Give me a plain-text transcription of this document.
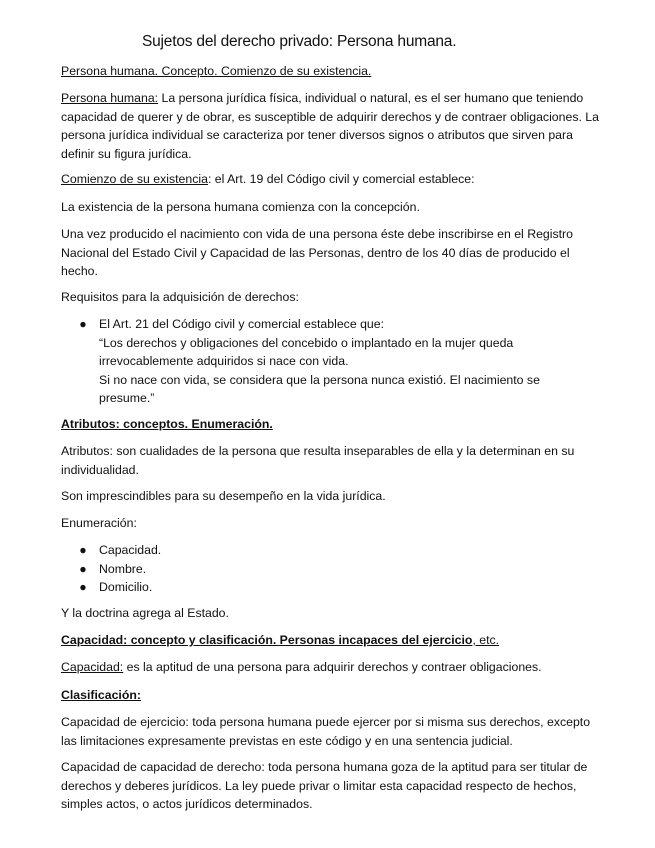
Sujetos del derecho privado: Persona humana.
Persona humana. Concepto. Comienzo de su existencia.
Persona humana: La persona jurídica física, individual o natural, es el ser humano que teniendo capacidad de querer y de obrar, es susceptible de adquirir derechos y de contraer obligaciones. La persona jurídica individual se caracteriza por tener diversos signos o atributos que sirven para definir su figura jurídica.
Comienzo de su existencia: el Art. 19 del Código civil y comercial establece:
La existencia de la persona humana comienza con la concepción.
Una vez producido el nacimiento con vida de una persona éste debe inscribirse en el Registro Nacional del Estado Civil y Capacidad de las Personas, dentro de los 40 días de producido el hecho.
Requisitos para la adquisición de derechos:
● El Art. 21 del Código civil y comercial establece que:
“Los derechos y obligaciones del concebido o implantado en la mujer queda irrevocablemente adquiridos si nace con vida.
Si no nace con vida, se considera que la persona nunca existió. El nacimiento se presume.”
Atributos: conceptos. Enumeración.
Atributos: son cualidades de la persona que resulta inseparables de ella y la determinan en su individualidad.
Son imprescindibles para su desempeño en la vida jurídica.
Enumeración:
● Capacidad.
● Nombre.
● Domicilio.
Y la doctrina agrega al Estado.
Capacidad: concepto y clasificación. Personas incapaces del ejercicio, etc.
Capacidad: es la aptitud de una persona para adquirir derechos y contraer obligaciones.
Clasificación:
Capacidad de ejercicio: toda persona humana puede ejercer por si misma sus derechos, excepto las limitaciones expresamente previstas en este código y en una sentencia judicial.
Capacidad de capacidad de derecho: toda persona humana goza de la aptitud para ser titular de derechos y deberes jurídicos. La ley puede privar o limitar esta capacidad respecto de hechos, simples actos, o actos jurídicos determinados.
